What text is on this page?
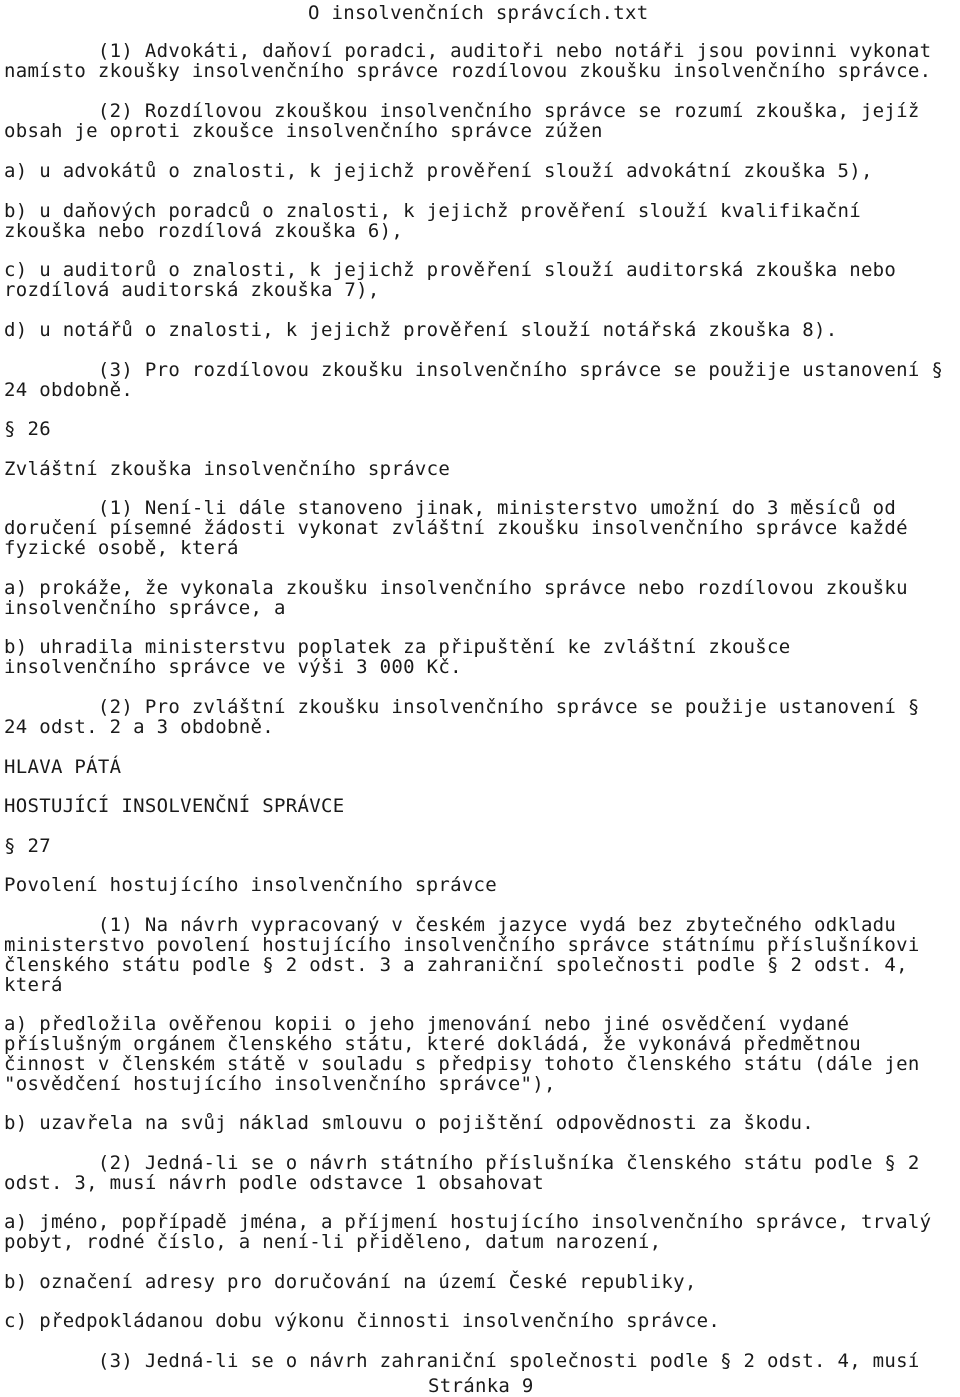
O insolvenčních správcích.txt

(1) Advokáti, daňoví poradci, auditoři nebo notáři jsou povinni vykonat

namísto zkoušky insolvenčního správce rozdílovou zkoušku insolvenčního správce.

(2) Rozdílovou zkouškou insolvenčního správce se rozumí zkouška, jejíž

obsah je oproti zkoušce insolvenčního správce zúžen

a) u advokátů o znalosti, k jejichž prověření slouží advokátní zkouška 5),

b) u daňových poradců o znalosti, k jejichž prověření slouží kvalifikační

zkouška nebo rozdílová zkouška 6),

c) u auditorů o znalosti, k jejichž prověření slouží auditorská zkouška nebo

rozdílová auditorská zkouška 7),

d) u notářů o znalosti, k jejichž prověření slouží notářská zkouška 8).

(3) Pro rozdílovou zkoušku insolvenčního správce se použije ustanovení §

24 obdobně.

§ 26

Zvláštní zkouška insolvenčního správce

(1) Není-li dále stanoveno jinak, ministerstvo umožní do 3 měsíců od

doručení písemné žádosti vykonat zvláštní zkoušku insolvenčního správce každé

fyzické osobě, která

a) prokáže, že vykonala zkoušku insolvenčního správce nebo rozdílovou zkoušku

insolvenčního správce, a

b) uhradila ministerstvu poplatek za připuštění ke zvláštní zkoušce

insolvenčního správce ve výši 3 000 Kč.

(2) Pro zvláštní zkoušku insolvenčního správce se použije ustanovení §

24 odst. 2 a 3 obdobně.

HLAVA PÁTÁ

HOSTUJÍCÍ INSOLVENČNÍ SPRÁVCE

§ 27

Povolení hostujícího insolvenčního správce

(1) Na návrh vypracovaný v českém jazyce vydá bez zbytečného odkladu

ministerstvo povolení hostujícího insolvenčního správce státnímu příslušníkovi

členského státu podle § 2 odst. 3 a zahraniční společnosti podle § 2 odst. 4,

která

a) předložila ověřenou kopii o jeho jmenování nebo jiné osvědčení vydané

příslušným orgánem členského státu, které dokládá, že vykonává předmětnou

činnost v členském státě v souladu s předpisy tohoto členského státu (dále jen

"osvědčení hostujícího insolvenčního správce"),

b) uzavřela na svůj náklad smlouvu o pojištění odpovědnosti za škodu.

(2) Jedná-li se o návrh státního příslušníka členského státu podle § 2

odst. 3, musí návrh podle odstavce 1 obsahovat

a) jméno, popřípadě jména, a příjmení hostujícího insolvenčního správce, trvalý

pobyt, rodné číslo, a není-li přiděleno, datum narození,

b) označení adresy pro doručování na území České republiky,

c) předpokládanou dobu výkonu činnosti insolvenčního správce.

(3) Jedná-li se o návrh zahraniční společnosti podle § 2 odst. 4, musí

Stránka 9
